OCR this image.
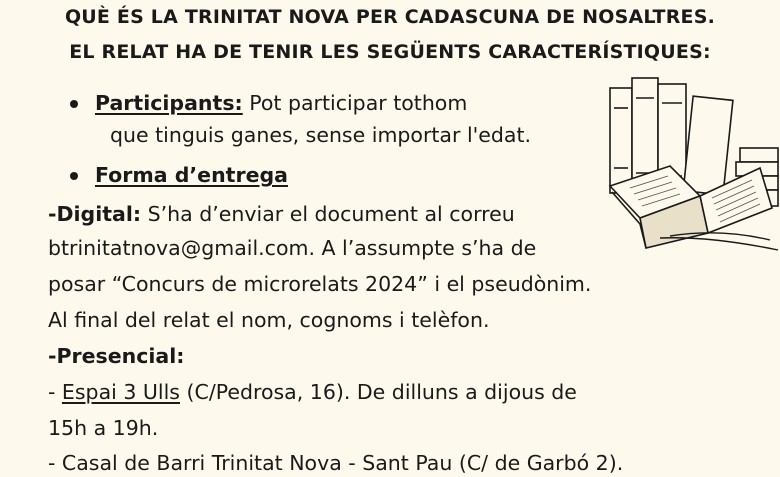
QUÈ ÉS LA TRINITAT NOVA PER CADASCUNA DE NOSALTRES.
EL RELAT HA DE TENIR LES SEGÜENTS CARACTERÍSTIQUES:
Participants: Pot participar tothom
que tinguis ganes, sense importar l'edat.
Forma d’entrega
-Digital: S’ha d’enviar el document al correu
btrinitatnova@gmail.com. A l’assumpte s’ha de
posar “Concurs de microrelats 2024” i el pseudònim.
Al final del relat el nom, cognoms i telèfon.
-Presencial:
- Espai 3 Ulls (C/Pedrosa, 16). De dilluns a dijous de
15h a 19h.
- Casal de Barri Trinitat Nova - Sant Pau (C/ de Garbó 2).
